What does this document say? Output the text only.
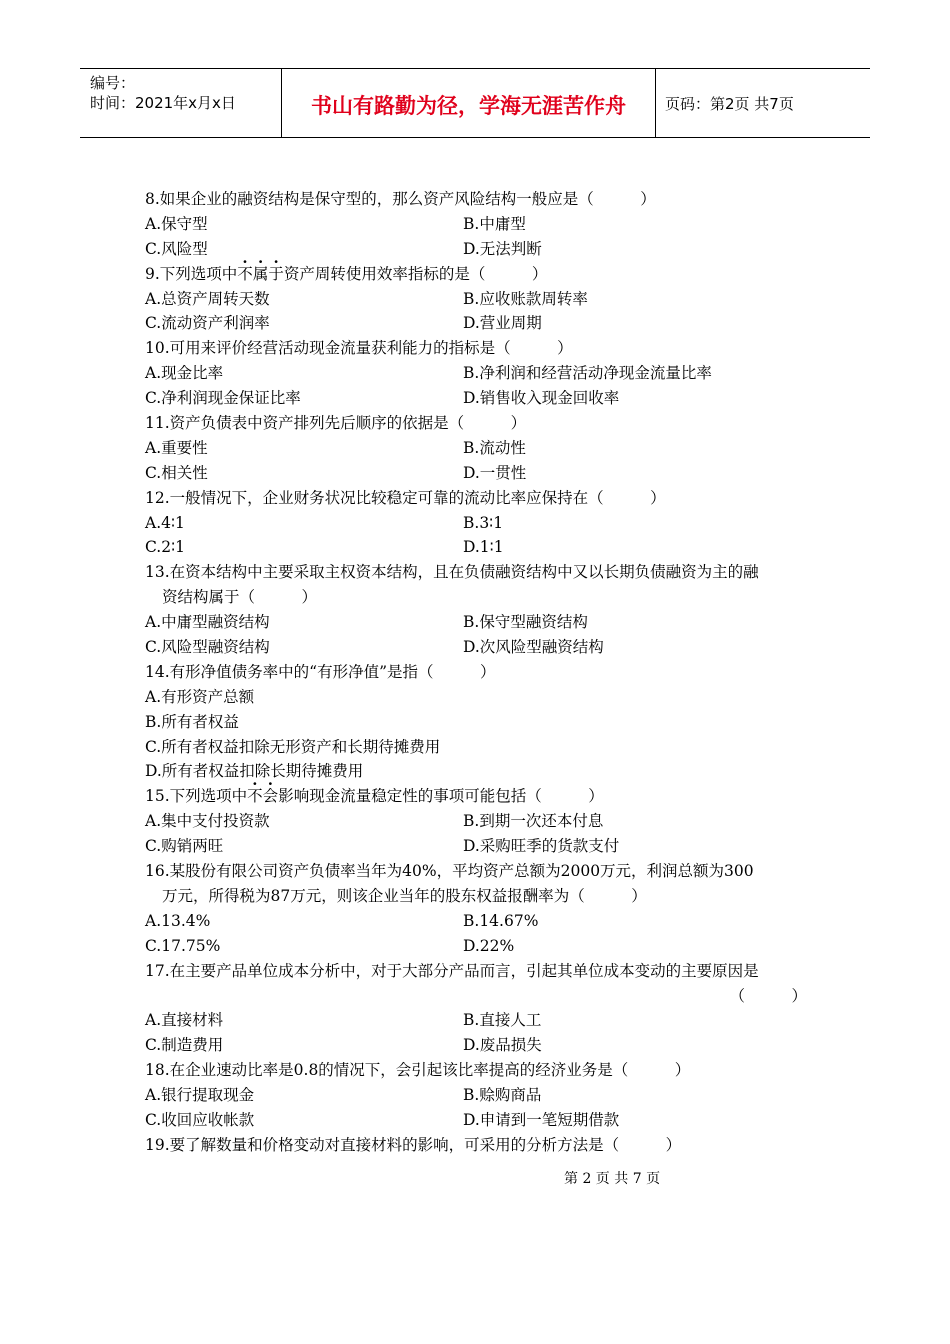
编号：
时间：2021年x月x日	书山有路勤为径，学海无涯苦作舟	页码：第2页 共7页
8.如果企业的融资结构是保守型的，那么资产风险结构一般应是（　　　）
A.保守型	B.中庸型
C.风险型	D.无法判断
9.下列选项中不属于资产周转使用效率指标的是（　　　）
A.总资产周转天数	B.应收账款周转率
C.流动资产利润率	D.营业周期
10.可用来评价经营活动现金流量获利能力的指标是（　　　）
A.现金比率	B.净利润和经营活动净现金流量比率
C.净利润现金保证比率	D.销售收入现金回收率
11.资产负债表中资产排列先后顺序的依据是（　　　）
A.重要性	B.流动性
C.相关性	D.一贯性
12.一般情况下，企业财务状况比较稳定可靠的流动比率应保持在（　　　）
A.4∶1	B.3∶1
C.2∶1	D.1∶1
13.在资本结构中主要采取主权资本结构，且在负债融资结构中又以长期负债融资为主的融
资结构属于（　　　）
A.中庸型融资结构	B.保守型融资结构
C.风险型融资结构	D.次风险型融资结构
14.有形净值债务率中的“有形净值”是指（　　　）
A.有形资产总额
B.所有者权益
C.所有者权益扣除无形资产和长期待摊费用
D.所有者权益扣除长期待摊费用
15.下列选项中不会影响现金流量稳定性的事项可能包括（　　　）
A.集中支付投资款	B.到期一次还本付息
C.购销两旺	D.采购旺季的货款支付
16.某股份有限公司资产负债率当年为40%，平均资产总额为2000万元，利润总额为300
万元，所得税为87万元，则该企业当年的股东权益报酬率为（　　　）
A.13.4%	B.14.67%
C.17.75%	D.22%
17.在主要产品单位成本分析中，对于大部分产品而言，引起其单位成本变动的主要原因是
（　　　）
A.直接材料	B.直接人工
C.制造费用	D.废品损失
18.在企业速动比率是0.8的情况下，会引起该比率提高的经济业务是（　　　）
A.银行提取现金	B.赊购商品
C.收回应收帐款	D.申请到一笔短期借款
19.要了解数量和价格变动对直接材料的影响，可采用的分析方法是（　　　）
第 2 页 共 7 页
